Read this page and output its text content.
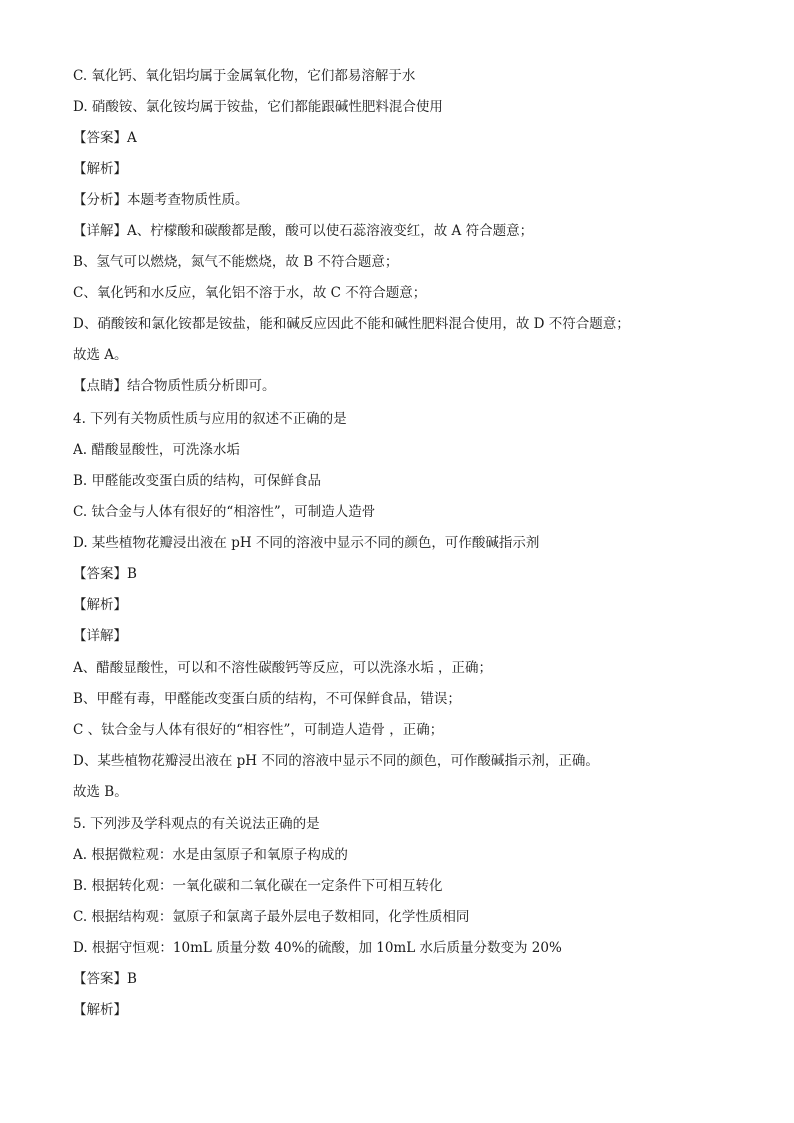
C. 氧化钙、氧化铝均属于金属氧化物，它们都易溶解于水
D. 硝酸铵、氯化铵均属于铵盐，它们都能跟碱性肥料混合使用
【答案】A
【解析】
【分析】本题考查物质性质。
【详解】A、柠檬酸和碳酸都是酸，酸可以使石蕊溶液变红，故 A 符合题意；
B、氢气可以燃烧，氮气不能燃烧，故 B 不符合题意；
C、氧化钙和水反应，氧化铝不溶于水，故 C 不符合题意；
D、硝酸铵和氯化铵都是铵盐，能和碱反应因此不能和碱性肥料混合使用，故 D 不符合题意；
故选 A。
【点睛】结合物质性质分析即可。
4. 下列有关物质性质与应用的叙述不正确的是
A. 醋酸显酸性，可洗涤水垢
B. 甲醛能改变蛋白质的结构，可保鲜食品
C. 钛合金与人体有很好的“相溶性”，可制造人造骨
D. 某些植物花瓣浸出液在 pH 不同的溶液中显示不同的颜色，可作酸碱指示剂
【答案】B
【解析】
【详解】
A、醋酸显酸性，可以和不溶性碳酸钙等反应，可以洗涤水垢 ，正确；
B、甲醛有毒，甲醛能改变蛋白质的结构，不可保鲜食品，错误；
C 、钛合金与人体有很好的“相容性”，可制造人造骨 ，正确；
D、某些植物花瓣浸出液在 pH 不同的溶液中显示不同的颜色，可作酸碱指示剂，正确。
故选 B。
5. 下列涉及学科观点的有关说法正确的是
A. 根据微粒观：水是由氢原子和氧原子构成的
B. 根据转化观：一氧化碳和二氧化碳在一定条件下可相互转化
C. 根据结构观：氩原子和氯离子最外层电子数相同，化学性质相同
D. 根据守恒观：10mL 质量分数 40%的硫酸，加 10mL 水后质量分数变为 20%
【答案】B
【解析】
